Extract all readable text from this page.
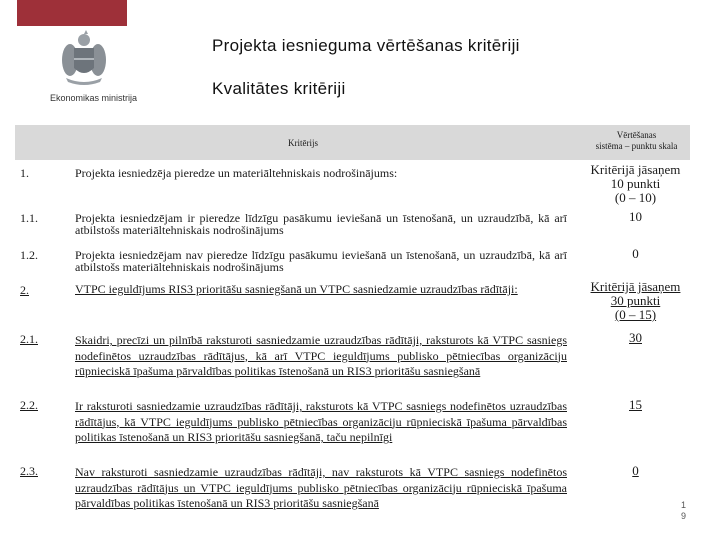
Ekonomikas ministrija
Projekta iesnieguma vērtēšanas kritēriji
Kvalitātes kritēriji
Kritērijs
Vērtēšanas
sistēma – punktu skala
1.	Projekta iesniedzēja pieredze un materiāltehniskais nodrošinājums:	Kritērijā jāsaņem
10 punkti
(0 – 10)
1.1.	Projekta iesniedzējam ir pieredze līdzīgu pasākumu ieviešanā un īstenošanā, un uzraudzībā, kā arī atbilstošs materiāltehniskais nodrošinājums
10
1.2.	Projekta iesniedzējam nav pieredze līdzīgu pasākumu ieviešanā un īstenošanā, un uzraudzībā, kā arī atbilstošs materiāltehniskais nodrošinājums
0
2.	VTPC ieguldījums RIS3 prioritāšu sasniegšanā un VTPC sasniedzamie uzraudzības rādītāji:	Kritērijā jāsaņem
30 punkti
(0 – 15)
2.1.	Skaidri, precīzi un pilnībā raksturoti sasniedzamie uzraudzības rādītāji, raksturots kā VTPC sasniegs nodefinētos uzraudzības rādītājus, kā arī VTPC ieguldījums publisko pētniecības organizāciju rūpnieciskā īpašuma pārvaldības politikas īstenošanā un RIS3 prioritāšu sasniegšanā
30
2.2.	Ir raksturoti sasniedzamie uzraudzības rādītāji, raksturots kā VTPC sasniegs nodefinētos uzraudzības rādītājus, kā VTPC ieguldījums publisko pētniecības organizāciju rūpnieciskā īpašuma pārvaldības politikas īstenošanā un RIS3 prioritāšu sasniegšanā, taču nepilnīgi
15
2.3.	Nav raksturoti sasniedzamie uzraudzības rādītāji, nav raksturots kā VTPC sasniegs nodefinētos uzraudzības rādītājus un VTPC ieguldījums publisko pētniecības organizāciju rūpnieciskā īpašuma pārvaldības politikas īstenošanā un RIS3 prioritāšu sasniegšanā
0
1
9
